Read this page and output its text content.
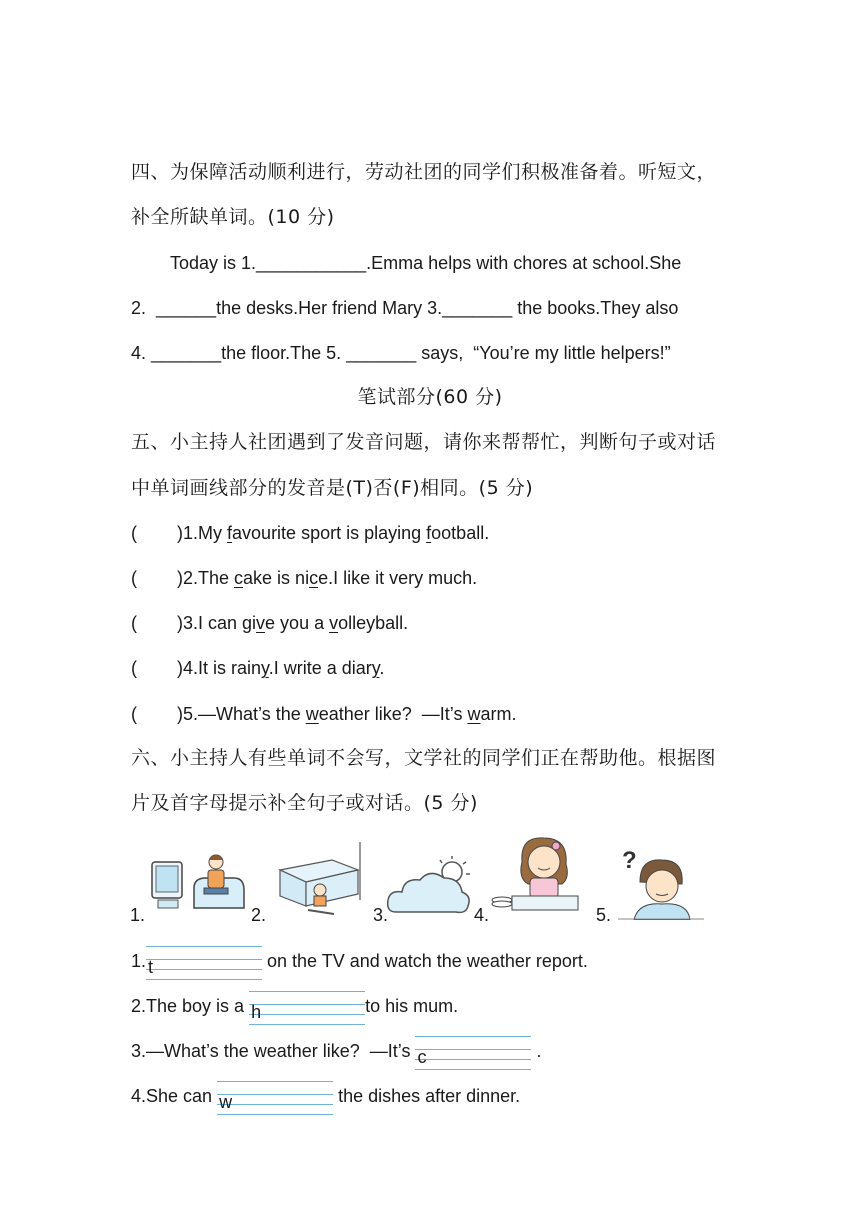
四、为保障活动顺利进行，劳动社团的同学们积极准备着。听短文，
补全所缺单词。(10 分)
Today is 1.___________.Emma helps with chores at school.She
2.  ______the desks.Her friend Mary 3._______ the books.They also
4. _______the floor.The 5. _______ says,  “You’re my little helpers!”
笔试部分(60 分)
五、小主持人社团遇到了发音问题，请你来帮帮忙，判断句子或对话
中单词画线部分的发音是(T)否(F)相同。(5 分)
( )1.My favourite sport is playing football.
( )2.The cake is nice.I like it very much.
( )3.I can give you a volleyball.
( )4.It is rainy.I write a diary.
( )5.—What’s the weather like?  —It’s warm.
六、小主持人有些单词不会写，文学社的同学们正在帮助他。根据图
片及首字母提示补全句子或对话。(5 分)
1.	2.	3.	4.	5.
?
1. t	on the TV and watch the weather report.
2.The boy is a
h	to his mum.
3.—What’s the weather like?  —It’s
c	.
4.She can
w	the dishes after dinner.
